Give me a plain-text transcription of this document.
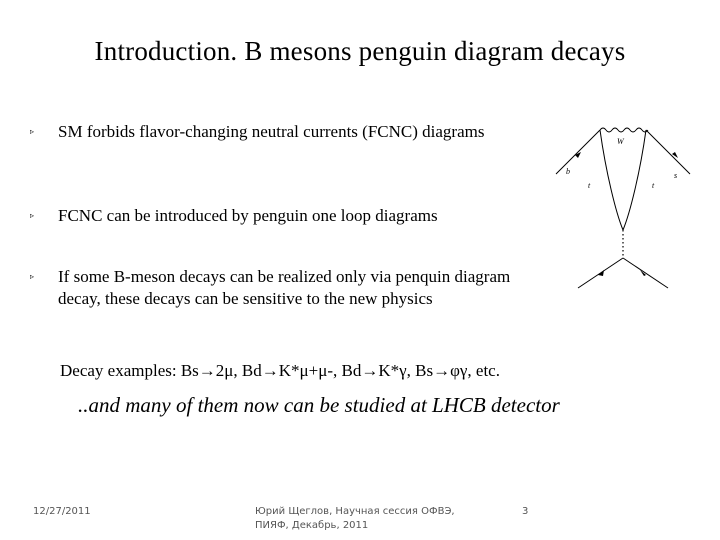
Introduction. B mesons penguin diagram decays
▹ SM forbids flavor-changing neutral currents (FCNC) diagrams
▹ FCNC can be introduced by penguin one loop diagrams
▹ If some B-meson decays can be realized only via penquin diagram decay, these decays can be sensitive to the new physics
b	s
W
t	t
Decay examples: Bs→2μ, Bd→K*μ+μ-, Bd→K*γ, Bs→φγ, etc.
..and many of them now can be studied at LHCB detector
12/27/2011	Юрий Щеглов, Научная сессия ОФВЭ, ПИЯФ, Декабрь, 2011
3
